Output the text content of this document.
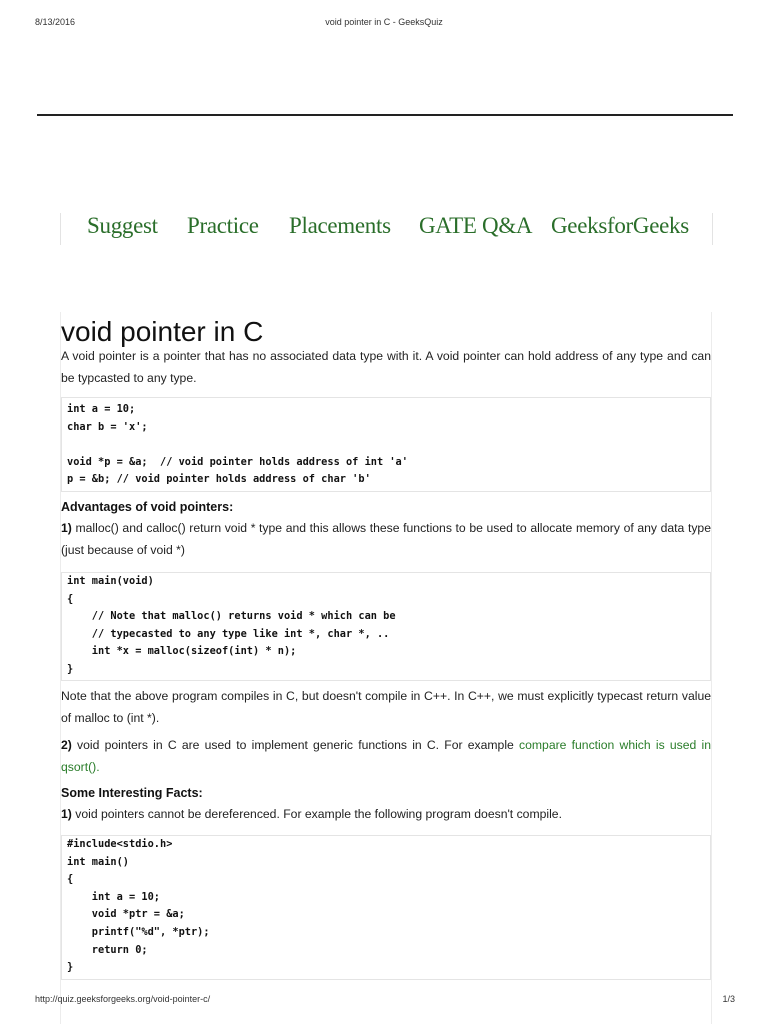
8/13/2016	void pointer in C - GeeksQuiz
Suggest Practice Placements GATE Q&A GeeksforGeeks
void pointer in C

A void pointer is a pointer that has no associated data type with it. A void pointer can hold address of any type and can be typcasted to any type.

int a = 10;
char b = 'x';
void *p = &a;  // void pointer holds address of int 'a'
p = &b; // void pointer holds address of char 'b'
Advantages of void pointers:

1) malloc() and calloc() return void * type and this allows these functions to be used to allocate memory of any data type (just because of void *)

int main(void)
{
// Note that malloc() returns void * which can be
// typecasted to any type like int *, char *, ..
int *x = malloc(sizeof(int) * n);
}

Note that the above program compiles in C, but doesn't compile in C++. In C++, we must explicitly typecast return value of malloc to (int *).

2) void pointers in C are used to implement generic functions in C. For example compare function which is used in qsort().

Some Interesting Facts:

1) void pointers cannot be dereferenced. For example the following program doesn't compile.

#include<stdio.h>
int main()
{
int a = 10;
void *ptr = &a;
printf("%d", *ptr);
return 0;
}
http://quiz.geeksforgeeks.org/void-pointer-c/	1/3
